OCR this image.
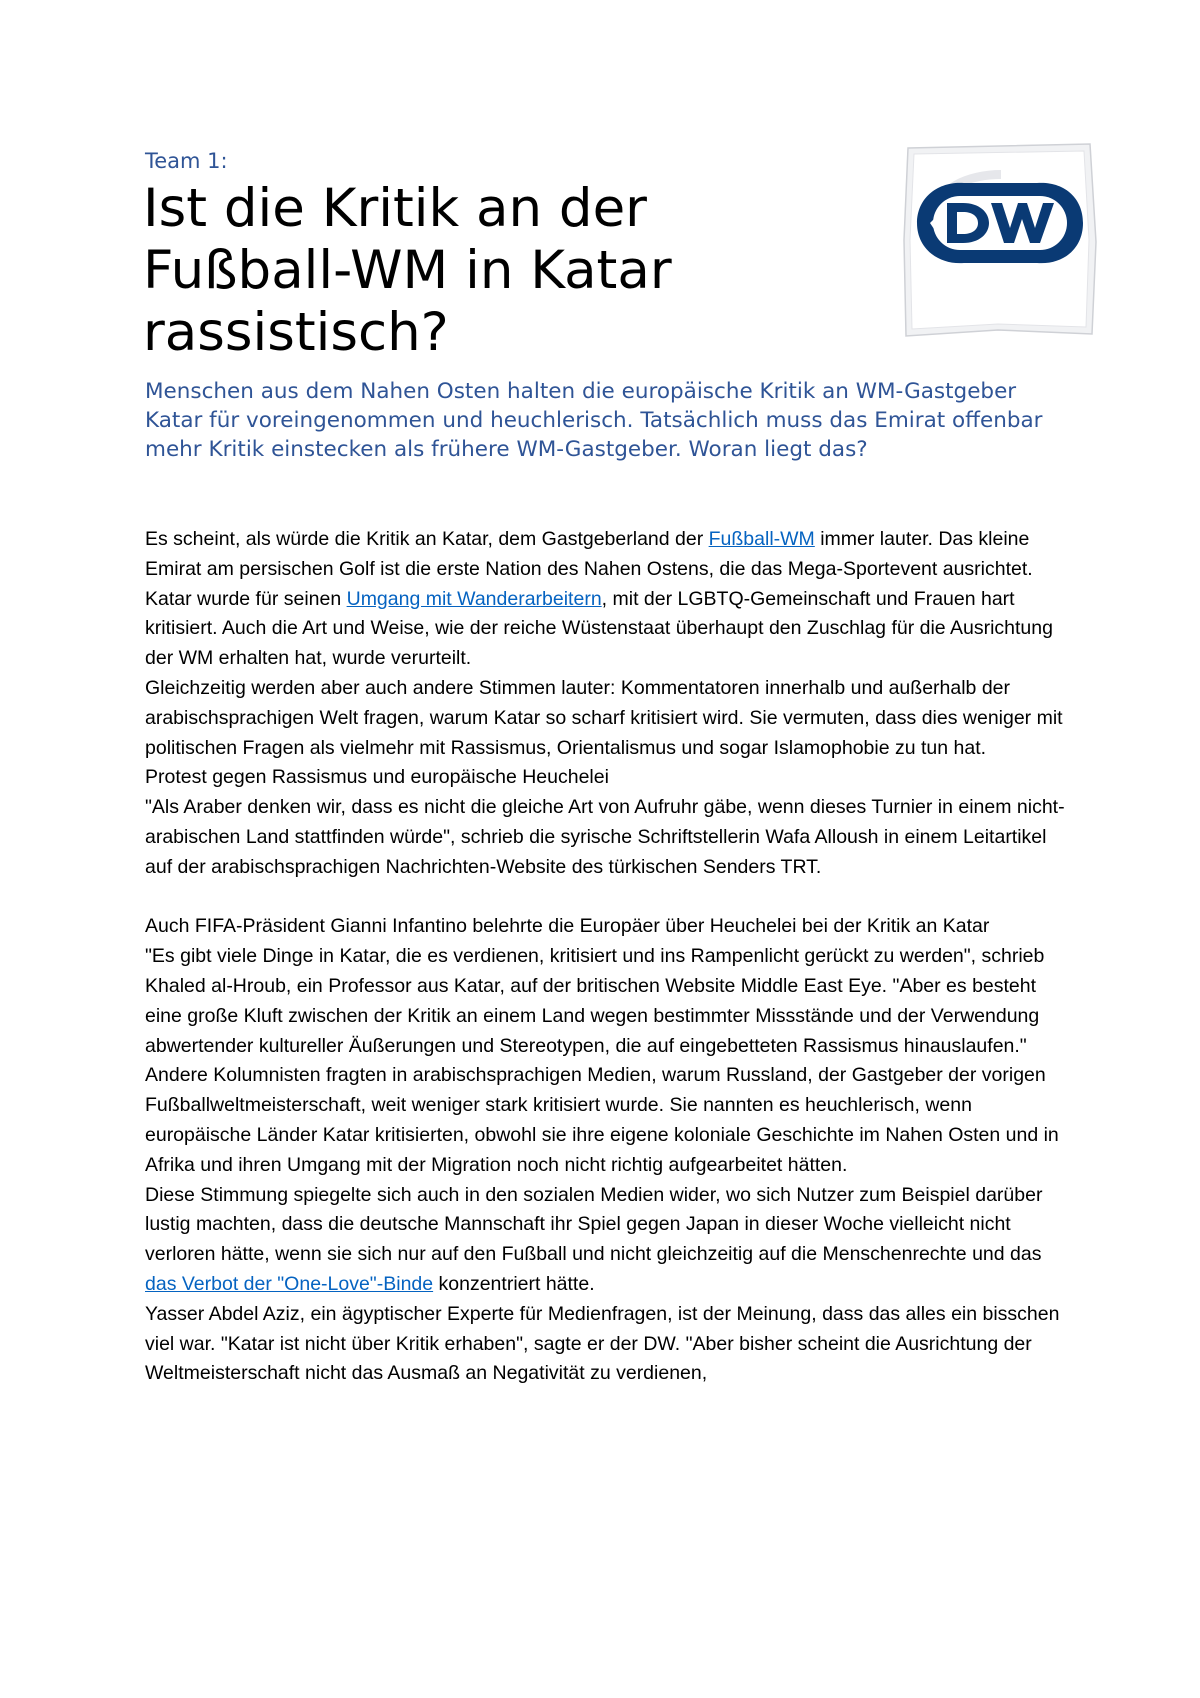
Team 1:

Ist die Kritik an der Fußball-WM in Katar rassistisch?

Menschen aus dem Nahen Osten halten die europäische Kritik an WM-Gastgeber Katar für voreingenommen und heuchlerisch. Tatsächlich muss das Emirat offenbar mehr Kritik einstecken als frühere WM-Gastgeber. Woran liegt das?

Es scheint, als würde die Kritik an Katar, dem Gastgeberland der Fußball-WM immer lauter. Das kleine Emirat am persischen Golf ist die erste Nation des Nahen Ostens, die das Mega-Sportevent ausrichtet. Katar wurde für seinen Umgang mit Wanderarbeitern, mit der LGBTQ-Gemeinschaft und Frauen hart kritisiert. Auch die Art und Weise, wie der reiche Wüstenstaat überhaupt den Zuschlag für die Ausrichtung der WM erhalten hat, wurde verurteilt.

Gleichzeitig werden aber auch andere Stimmen lauter: Kommentatoren innerhalb und außerhalb der arabischsprachigen Welt fragen, warum Katar so scharf kritisiert wird. Sie vermuten, dass dies weniger mit politischen Fragen als vielmehr mit Rassismus, Orientalismus und sogar Islamophobie zu tun hat.

Protest gegen Rassismus und europäische Heuchelei

"Als Araber denken wir, dass es nicht die gleiche Art von Aufruhr gäbe, wenn dieses Turnier in einem nicht-arabischen Land stattfinden würde", schrieb die syrische Schriftstellerin Wafa Alloush in einem Leitartikel auf der arabischsprachigen Nachrichten-Website des türkischen Senders TRT.

Auch FIFA-Präsident Gianni Infantino belehrte die Europäer über Heuchelei bei der Kritik an Katar

"Es gibt viele Dinge in Katar, die es verdienen, kritisiert und ins Rampenlicht gerückt zu werden", schrieb Khaled al-Hroub, ein Professor aus Katar, auf der britischen Website Middle East Eye. "Aber es besteht eine große Kluft zwischen der Kritik an einem Land wegen bestimmter Missstände und der Verwendung abwertender kultureller Äußerungen und Stereotypen, die auf eingebetteten Rassismus hinauslaufen."

Andere Kolumnisten fragten in arabischsprachigen Medien, warum Russland, der Gastgeber der vorigen Fußballweltmeisterschaft, weit weniger stark kritisiert wurde. Sie nannten es heuchlerisch, wenn europäische Länder Katar kritisierten, obwohl sie ihre eigene koloniale Geschichte im Nahen Osten und in Afrika und ihren Umgang mit der Migration noch nicht richtig aufgearbeitet hätten.

Diese Stimmung spiegelte sich auch in den sozialen Medien wider, wo sich Nutzer zum Beispiel darüber lustig machten, dass die deutsche Mannschaft ihr Spiel gegen Japan in dieser Woche vielleicht nicht verloren hätte, wenn sie sich nur auf den Fußball und nicht gleichzeitig auf die Menschenrechte und das das Verbot der "One-Love"-Binde konzentriert hätte.

Yasser Abdel Aziz, ein ägyptischer Experte für Medienfragen, ist der Meinung, dass das alles ein bisschen viel war. "Katar ist nicht über Kritik erhaben", sagte er der DW. "Aber bisher scheint die Ausrichtung der Weltmeisterschaft nicht das Ausmaß an Negativität zu verdienen,
